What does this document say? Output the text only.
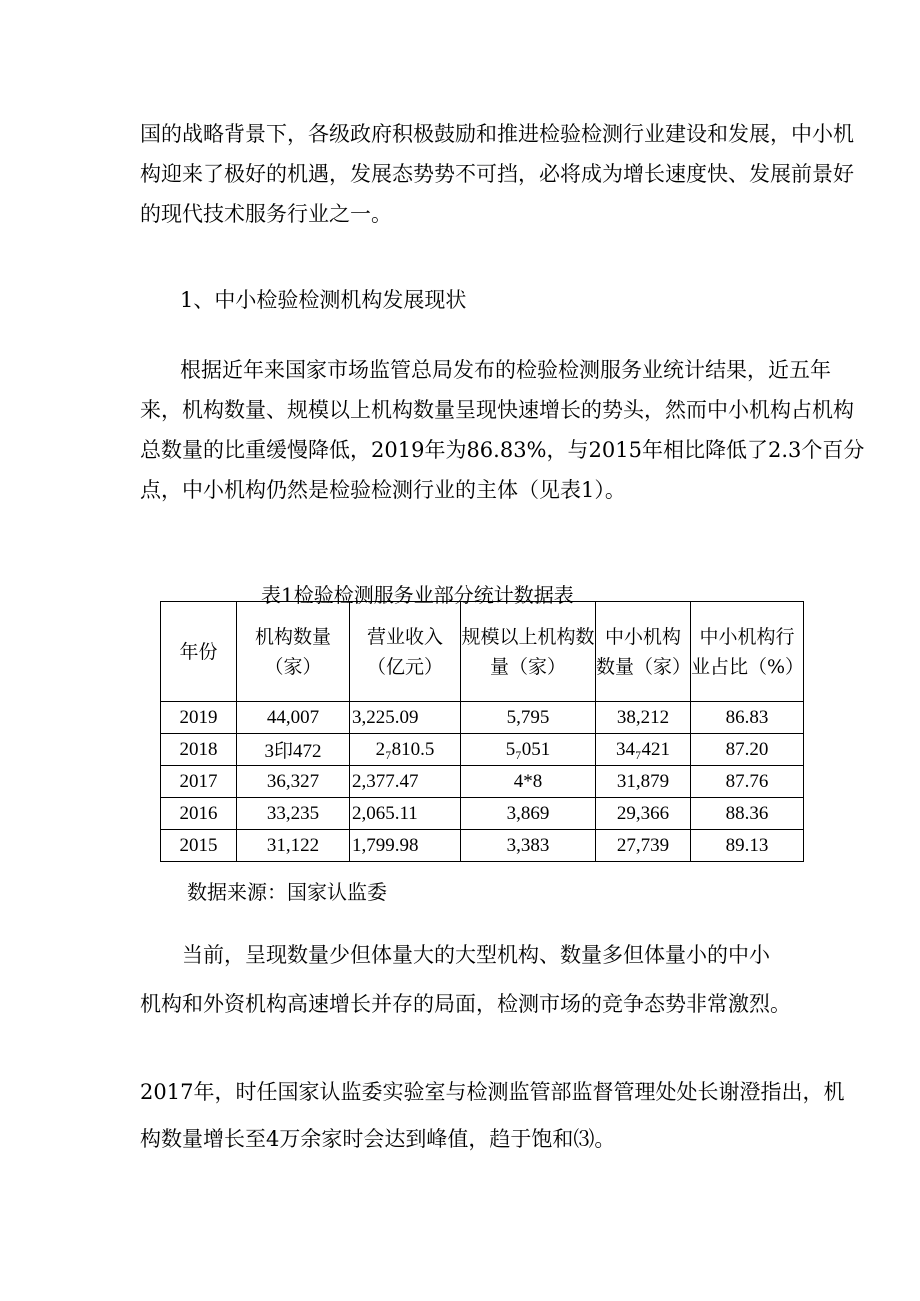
国的战略背景下，各级政府积极鼓励和推进检验检测行业建设和发展，中小机
构迎来了极好的机遇，发展态势势不可挡，必将成为增长速度快、发展前景好
的现代技术服务行业之一。
1、中小检验检测机构发展现状
根据近年来国家市场监管总局发布的检验检测服务业统计结果，近五年
来，机构数量、规模以上机构数量呈现快速增长的势头，然而中小机构占机构
总数量的比重缓慢降低，2019年为86.83%，与2015年相比降低了2.3个百分
点，中小机构仍然是检验检测行业的主体（见表1）。
表1检验检测服务业部分统计数据表
年份	机构数量（家）	营业收入（亿元）	规模以上机构数量（家）	中小机构数量（家）	中小机构行业占比（%）
2019	44,007	3,225.09	5,795	38,212	86.83
2018	3印472	2₇810.5	5₇051	34₇421	87.20
2017	36,327	2,377.47	4*8	31,879	87.76
2016	33,235	2,065.11	3,869	29,366	88.36
2015	31,122	1,799.98	3,383	27,739	89.13
数据来源：国家认监委
当前，呈现数量少但体量大的大型机构、数量多但体量小的中小
机构和外资机构高速增长并存的局面，检测市场的竞争态势非常激烈。
2017年，时任国家认监委实验室与检测监管部监督管理处处长谢澄指出，机
构数量增长至4万余家时会达到峰值，趋于饱和⑶。
